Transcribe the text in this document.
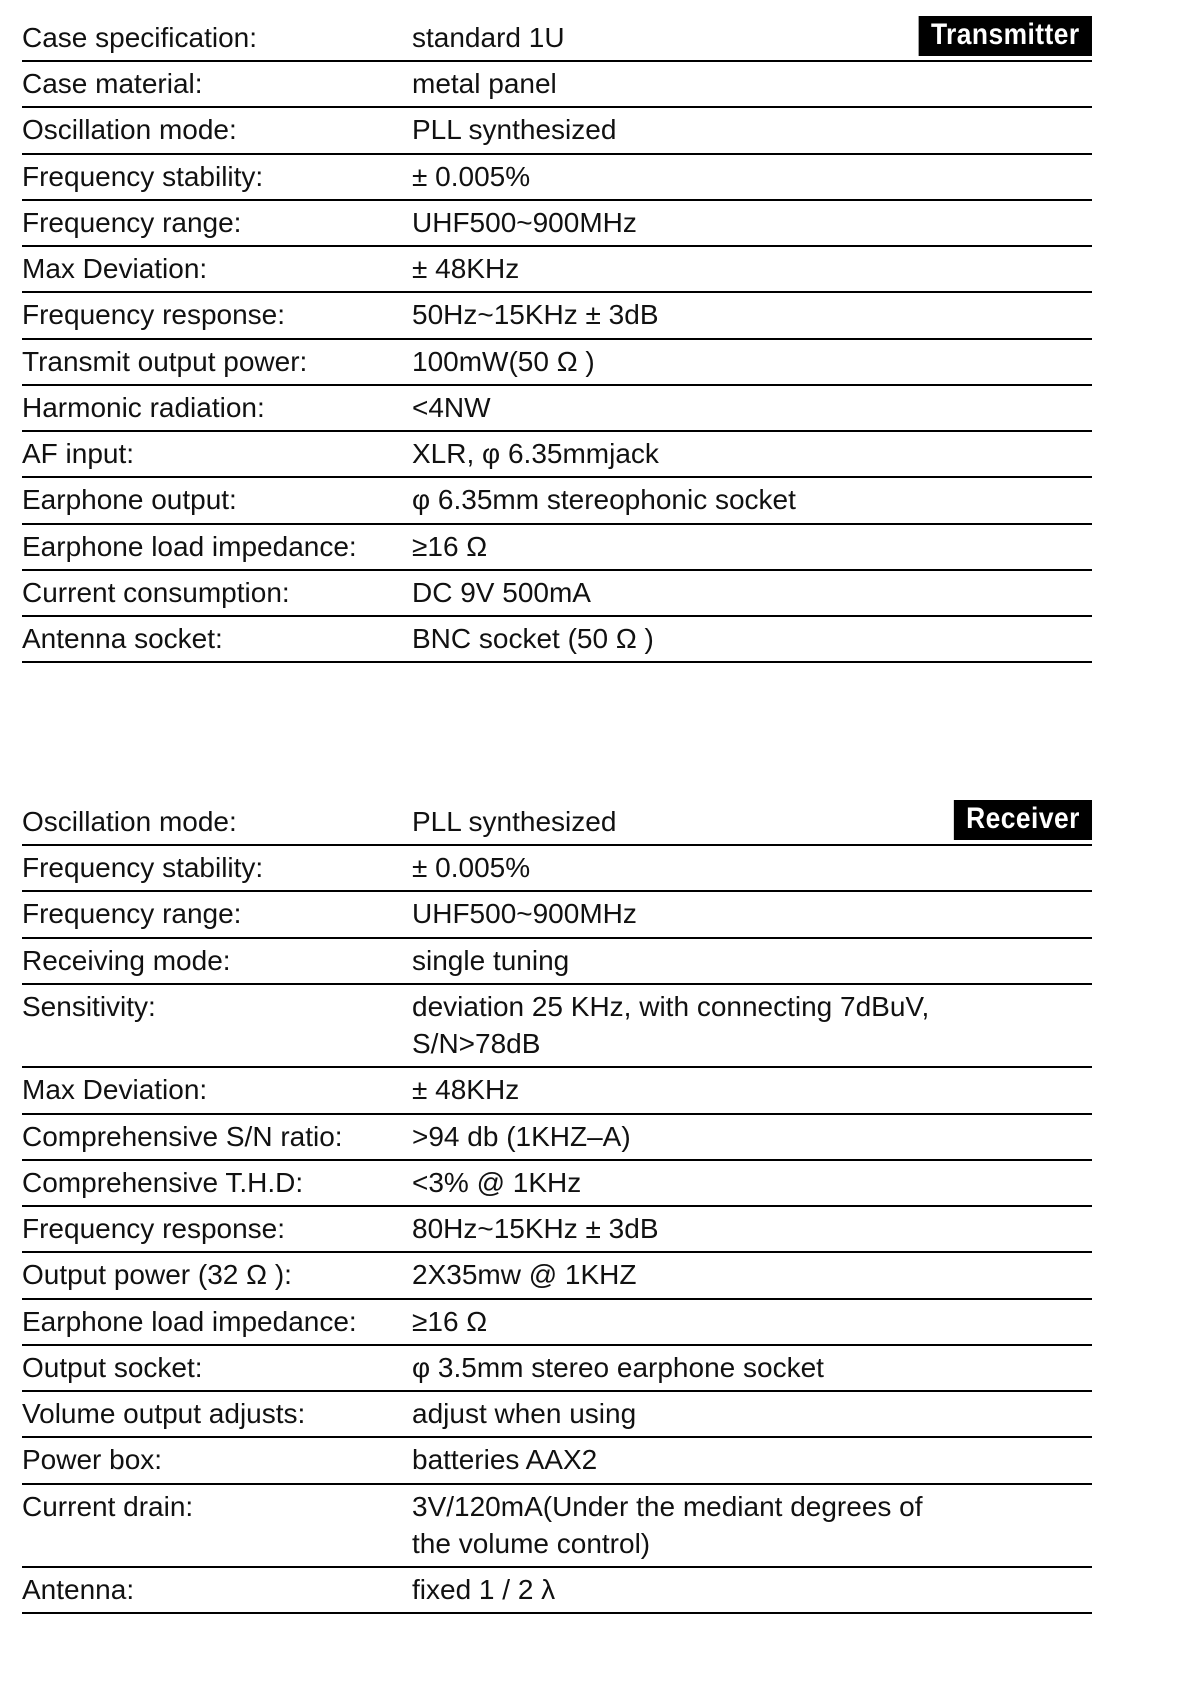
Transmitter
Case specification:	standard 1U

Case material:	metal panel

Oscillation mode:	PLL synthesized

Frequency stability:	± 0.005%

Frequency range:	UHF500~900MHz

Max Deviation:	± 48KHz

Frequency response:	50Hz~15KHz ± 3dB

Transmit output power:	100mW(50 Ω )

Harmonic radiation:	<4NW

AF input:	XLR, φ 6.35mmjack

Earphone output:	φ 6.35mm stereophonic socket

Earphone load impedance:	≥16 Ω

Current consumption:	DC 9V 500mA

Antenna socket:	BNC socket (50 Ω )
Receiver
Oscillation mode:	PLL synthesized

Frequency stability:	± 0.005%

Frequency range:	UHF500~900MHz

Receiving mode:	single tuning

Sensitivity:	deviation 25 KHz, with connecting 7dBuV,
S/N>78dB

Max Deviation:	± 48KHz

Comprehensive S/N ratio:	>94 db (1KHZ–A)

Comprehensive T.H.D:	<3% @ 1KHz

Frequency response:	80Hz~15KHz ± 3dB

Output power (32 Ω ):	2X35mw @ 1KHZ

Earphone load impedance:	≥16 Ω

Output socket:	φ 3.5mm stereo earphone socket

Volume output adjusts:	adjust when using

Power box:	batteries AAX2

Current drain:	3V/120mA(Under the mediant degrees of
the volume control)

Antenna:	fixed 1 / 2 λ
